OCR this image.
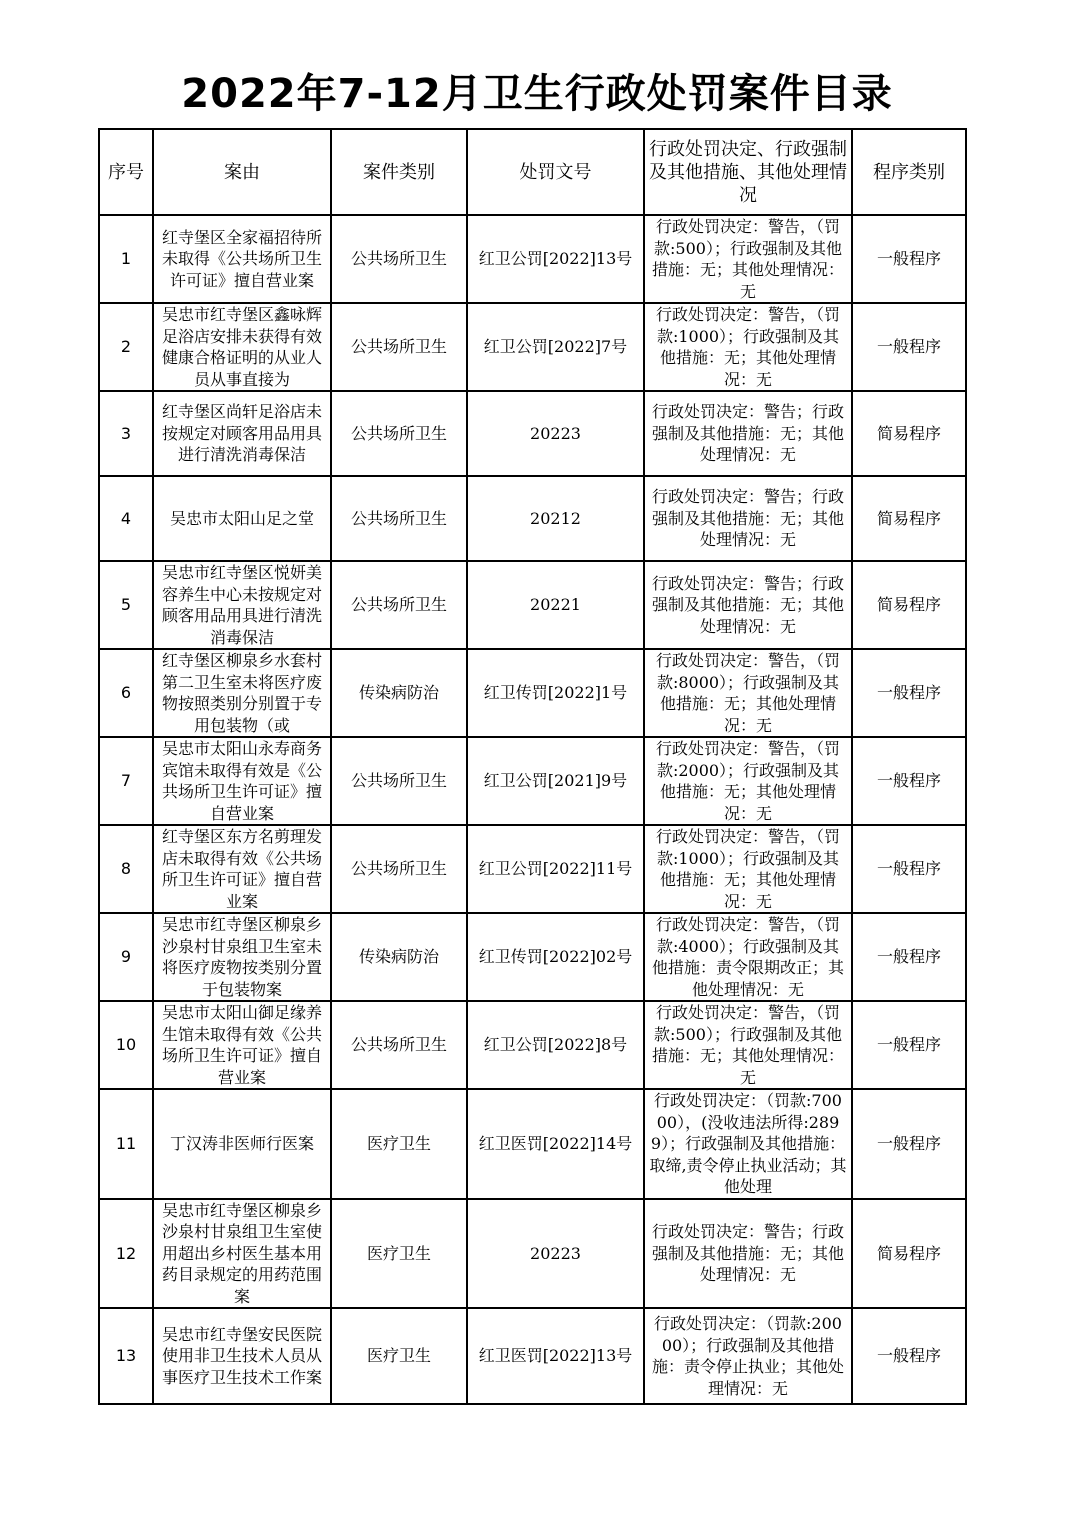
2022年7-12月卫生行政处罚案件目录
序号	案由	案件类别	处罚文号	行政处罚决定、行政强制及其他措施、其他处理情况	程序类别
1	红寺堡区全家福招待所未取得《公共场所卫生许可证》擅自营业案	公共场所卫生	红卫公罚[2022]13号	行政处罚决定：警告，（罚款:500）；行政强制及其他措施：无；其他处理情况：无	一般程序
2	吴忠市红寺堡区鑫咏辉足浴店安排未获得有效健康合格证明的从业人员从事直接为	公共场所卫生	红卫公罚[2022]7号	行政处罚决定：警告，（罚款:1000）；行政强制及其他措施：无；其他处理情况：无	一般程序
3	红寺堡区尚轩足浴店未按规定对顾客用品用具进行清洗消毒保洁	公共场所卫生	20223	行政处罚决定：警告；行政强制及其他措施：无；其他处理情况：无	简易程序
4	吴忠市太阳山足之堂	公共场所卫生	20212	行政处罚决定：警告；行政强制及其他措施：无；其他处理情况：无	简易程序
5	吴忠市红寺堡区悦妍美容养生中心未按规定对顾客用品用具进行清洗消毒保洁	公共场所卫生	20221	行政处罚决定：警告；行政强制及其他措施：无；其他处理情况：无	简易程序
6	红寺堡区柳泉乡水套村第二卫生室未将医疗废物按照类别分别置于专用包装物（或	传染病防治	红卫传罚[2022]1号	行政处罚决定：警告，（罚款:8000）；行政强制及其他措施：无；其他处理情况：无	一般程序
7	吴忠市太阳山永寿商务宾馆未取得有效是《公共场所卫生许可证》擅自营业案	公共场所卫生	红卫公罚[2021]9号	行政处罚决定：警告，（罚款:2000）；行政强制及其他措施：无；其他处理情况：无	一般程序
8	红寺堡区东方名剪理发店未取得有效《公共场所卫生许可证》擅自营业案	公共场所卫生	红卫公罚[2022]11号	行政处罚决定：警告，（罚款:1000）；行政强制及其他措施：无；其他处理情况：无	一般程序
9	吴忠市红寺堡区柳泉乡沙泉村甘泉组卫生室未将医疗废物按类别分置于包装物案	传染病防治	红卫传罚[2022]02号	行政处罚决定：警告，（罚款:4000）；行政强制及其他措施：责令限期改正；其他处理情况：无	一般程序
10	吴忠市太阳山御足缘养生馆未取得有效《公共场所卫生许可证》擅自营业案	公共场所卫生	红卫公罚[2022]8号	行政处罚决定：警告，（罚款:500）；行政强制及其他措施：无；其他处理情况：无	一般程序
11	丁汉涛非医师行医案	医疗卫生	红卫医罚[2022]14号	行政处罚决定：（罚款:70000），(没收违法所得:2899）；行政强制及其他措施：取缔,责令停止执业活动；其他处理	一般程序
12	吴忠市红寺堡区柳泉乡沙泉村甘泉组卫生室使用超出乡村医生基本用药目录规定的用药范围案	医疗卫生	20223	行政处罚决定：警告；行政强制及其他措施：无；其他处理情况：无	简易程序
13	吴忠市红寺堡安民医院使用非卫生技术人员从事医疗卫生技术工作案	医疗卫生	红卫医罚[2022]13号	行政处罚决定：（罚款:20000）；行政强制及其他措施：责令停止执业；其他处理情况：无	一般程序
